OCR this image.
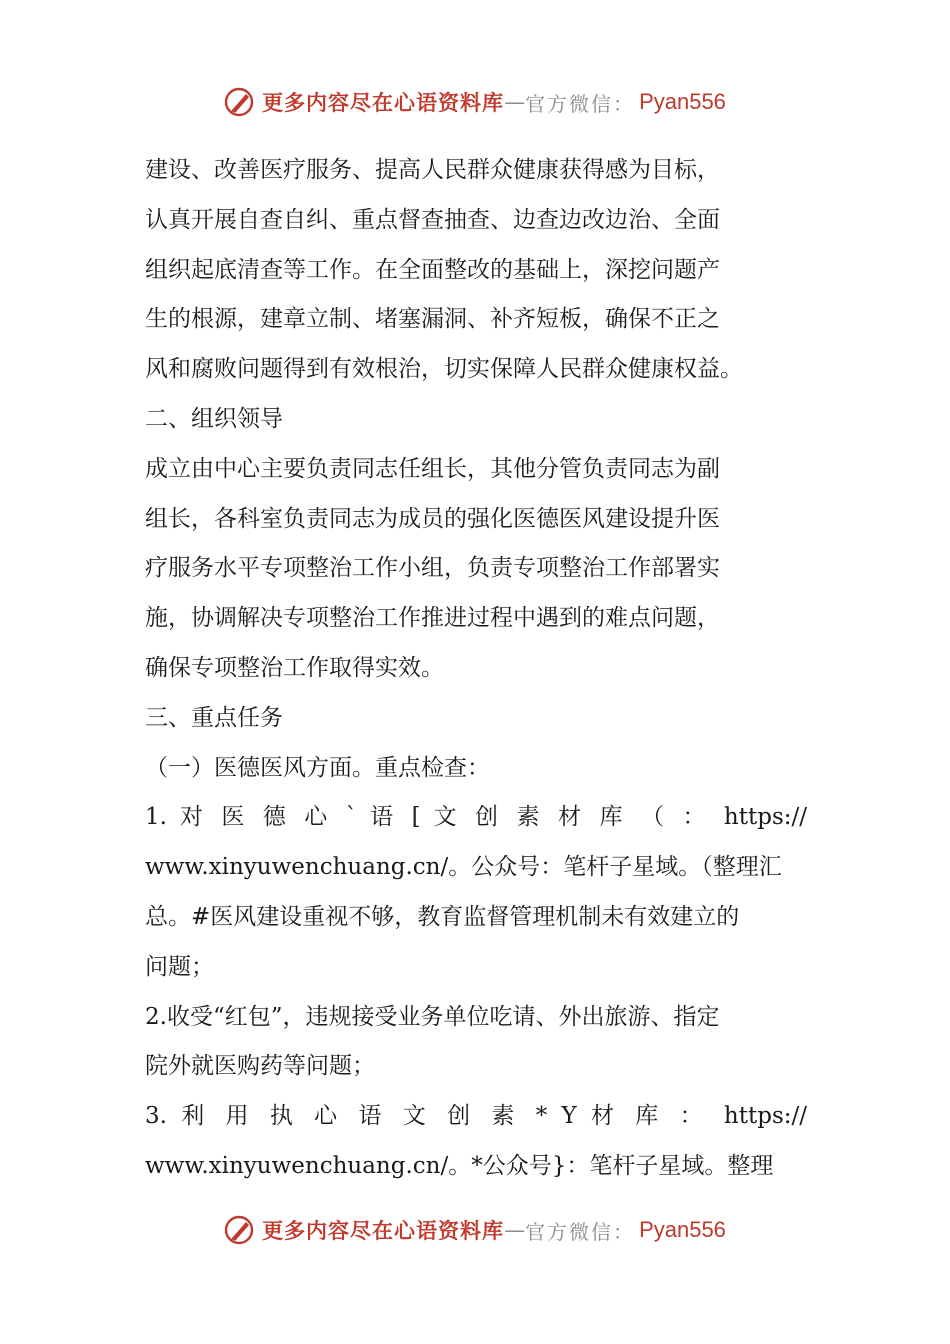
更多内容尽在心语资料库 — 官方微信： Pyan556
建设、改善医疗服务、提高人民群众健康获得感为目标，
认真开展自查自纠、重点督查抽查、边查边改边治、全面
组织起底清查等工作。在全面整改的基础上，深挖问题产
生的根源，建章立制、堵塞漏洞、补齐短板，确保不正之
风和腐败问题得到有效根治，切实保障人民群众健康权益。
二、组织领导
成立由中心主要负责同志任组长，其他分管负责同志为副
组长，各科室负责同志为成员的强化医德医风建设提升医
疗服务水平专项整治工作小组，负责专项整治工作部署实
施，协调解决专项整治工作推进过程中遇到的难点问题，
确保专项整治工作取得实效。
三、重点任务
（一）医德医风方面。重点检查：
1. 对 医 德 心 ` 语 [ 文 创 素 材 库 （ ： https://
www.xinyuwenchuang.cn/。公众号：笔杆子星域。（整理汇
总。#医风建设重视不够，教育监督管理机制未有效建立的
问题；
2.收受“红包”，违规接受业务单位吃请、外出旅游、指定
院外就医购药等问题；
3. 利 用 执 心 语 文 创 素 * Y 材 库 ： https://
www.xinyuwenchuang.cn/。*公众号}：笔杆子星域。整理
更多内容尽在心语资料库 — 官方微信： Pyan556
